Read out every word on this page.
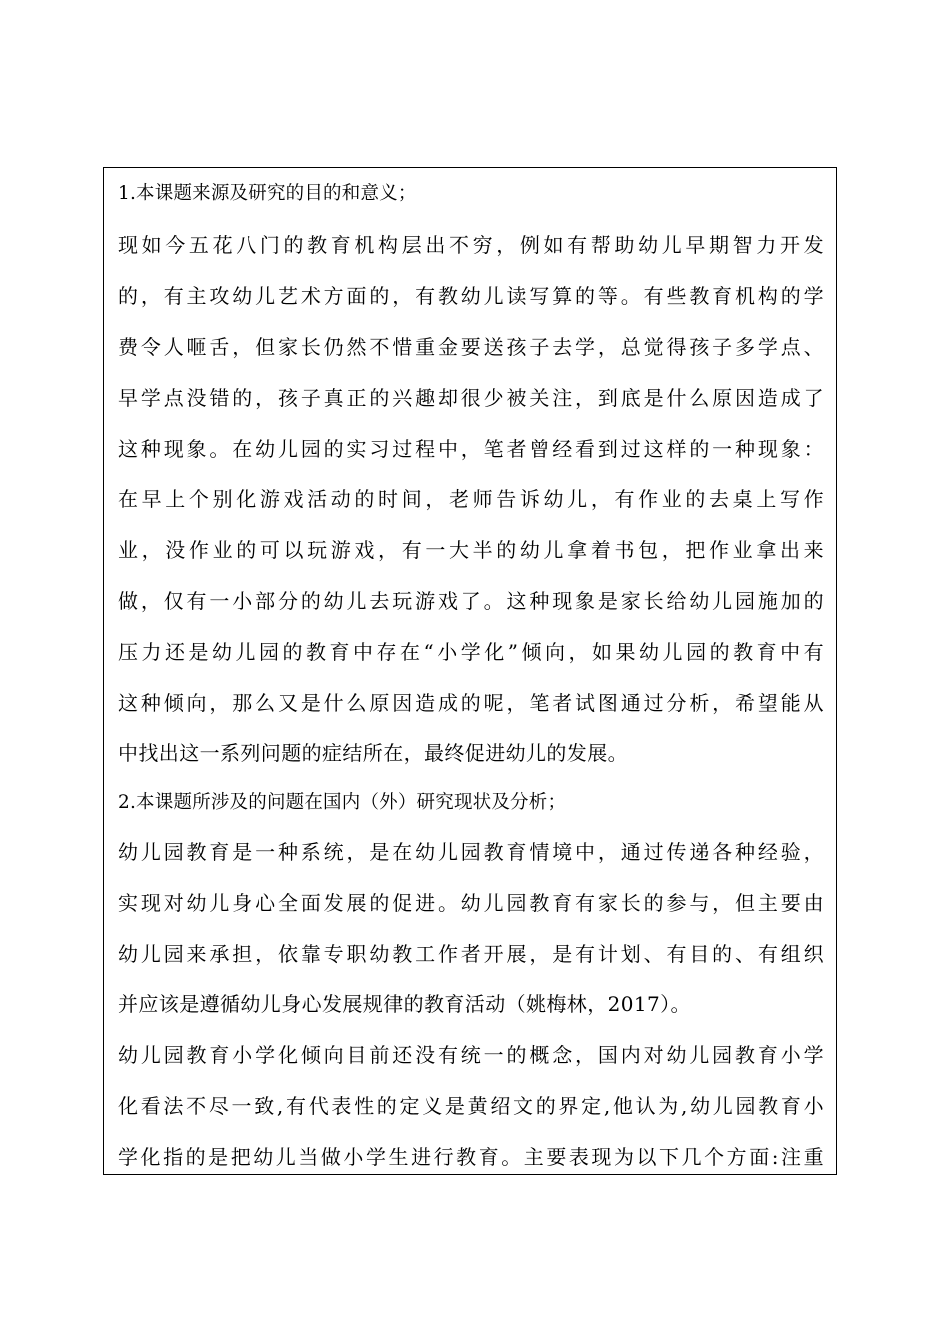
1.本课题来源及研究的目的和意义；
现如今五花八门的教育机构层出不穷，例如有帮助幼儿早期智力开发
的，有主攻幼儿艺术方面的，有教幼儿读写算的等。有些教育机构的学
费令人咂舌，但家长仍然不惜重金要送孩子去学，总觉得孩子多学点、
早学点没错的，孩子真正的兴趣却很少被关注，到底是什么原因造成了
这种现象。在幼儿园的实习过程中，笔者曾经看到过这样的一种现象：
在早上个别化游戏活动的时间，老师告诉幼儿，有作业的去桌上写作
业，没作业的可以玩游戏，有一大半的幼儿拿着书包，把作业拿出来
做，仅有一小部分的幼儿去玩游戏了。这种现象是家长给幼儿园施加的
压力还是幼儿园的教育中存在“小学化”倾向，如果幼儿园的教育中有
这种倾向，那么又是什么原因造成的呢，笔者试图通过分析，希望能从
中找出这一系列问题的症结所在，最终促进幼儿的发展。
2.本课题所涉及的问题在国内（外）研究现状及分析；
幼儿园教育是一种系统，是在幼儿园教育情境中，通过传递各种经验，
实现对幼儿身心全面发展的促进。幼儿园教育有家长的参与，但主要由
幼儿园来承担，依靠专职幼教工作者开展，是有计划、有目的、有组织
并应该是遵循幼儿身心发展规律的教育活动（姚梅林，2017）。
幼儿园教育小学化倾向目前还没有统一的概念，国内对幼儿园教育小学
化看法不尽一致,有代表性的定义是黄绍文的界定,他认为,幼儿园教育小
学化指的是把幼儿当做小学生进行教育。主要表现为以下几个方面:注重
